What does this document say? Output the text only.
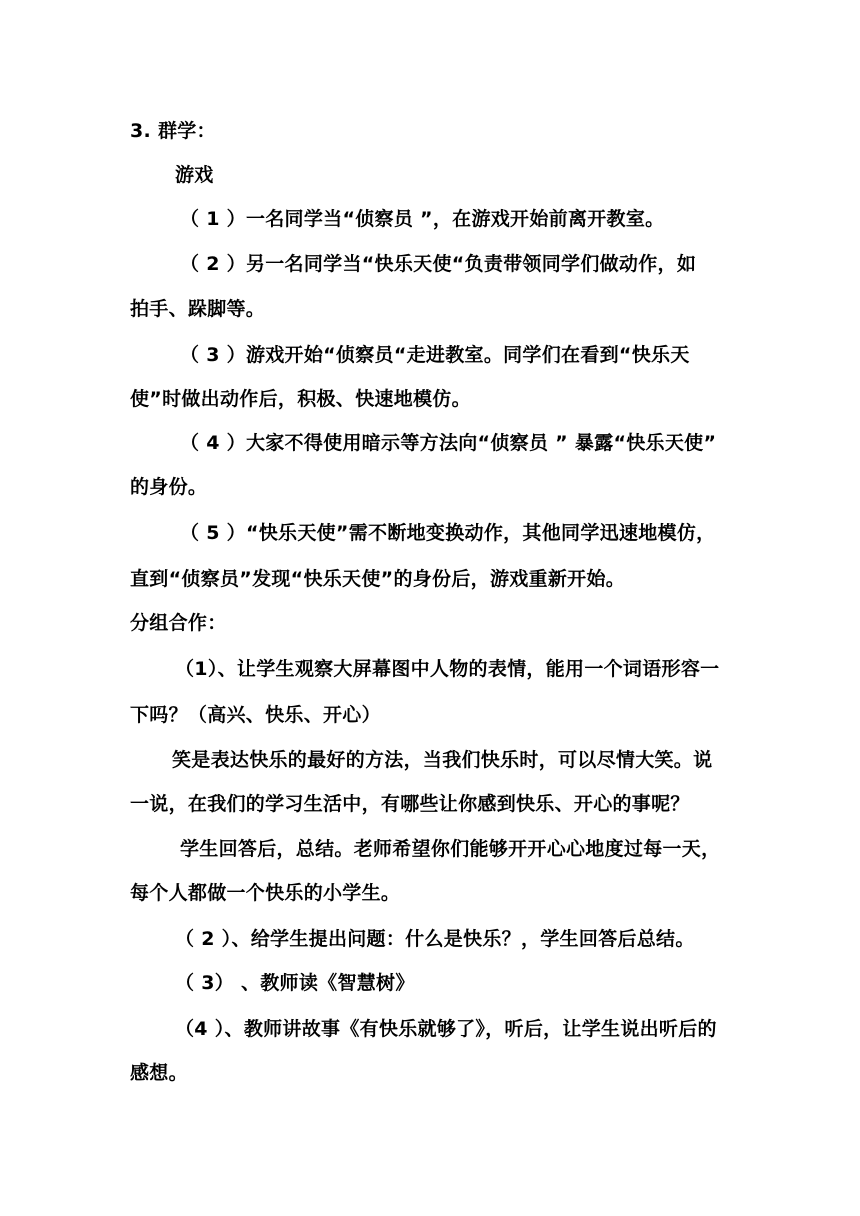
3. 群学：
游戏
（ 1 ）一名同学当“侦察员 ”，在游戏开始前离开教室。
（ 2 ）另一名同学当“快乐天使“负责带领同学们做动作，如
拍手、跺脚等。
（ 3 ）游戏开始“侦察员“走进教室。同学们在看到“快乐天
使”时做出动作后，积极、快速地模仿。
（ 4 ）大家不得使用暗示等方法向“侦察员 ” 暴露“快乐天使”
的身份。
（ 5 ）“快乐天使”需不断地变换动作，其他同学迅速地模仿，
直到“侦察员”发现“快乐天使”的身份后，游戏重新开始。
分组合作：
（1）、让学生观察大屏幕图中人物的表情，能用一个词语形容一
下吗？（高兴、快乐、开心）
笑是表达快乐的最好的方法，当我们快乐时，可以尽情大笑。说
一说，在我们的学习生活中，有哪些让你感到快乐、开心的事呢？
学生回答后，总结。老师希望你们能够开开心心地度过每一天，
每个人都做一个快乐的小学生。
（ 2 ）、给学生提出问题：什么是快乐？，学生回答后总结。
（ 3） 、教师读《智慧树》
（4 ）、教师讲故事《有快乐就够了》，听后，让学生说出听后的
感想。
